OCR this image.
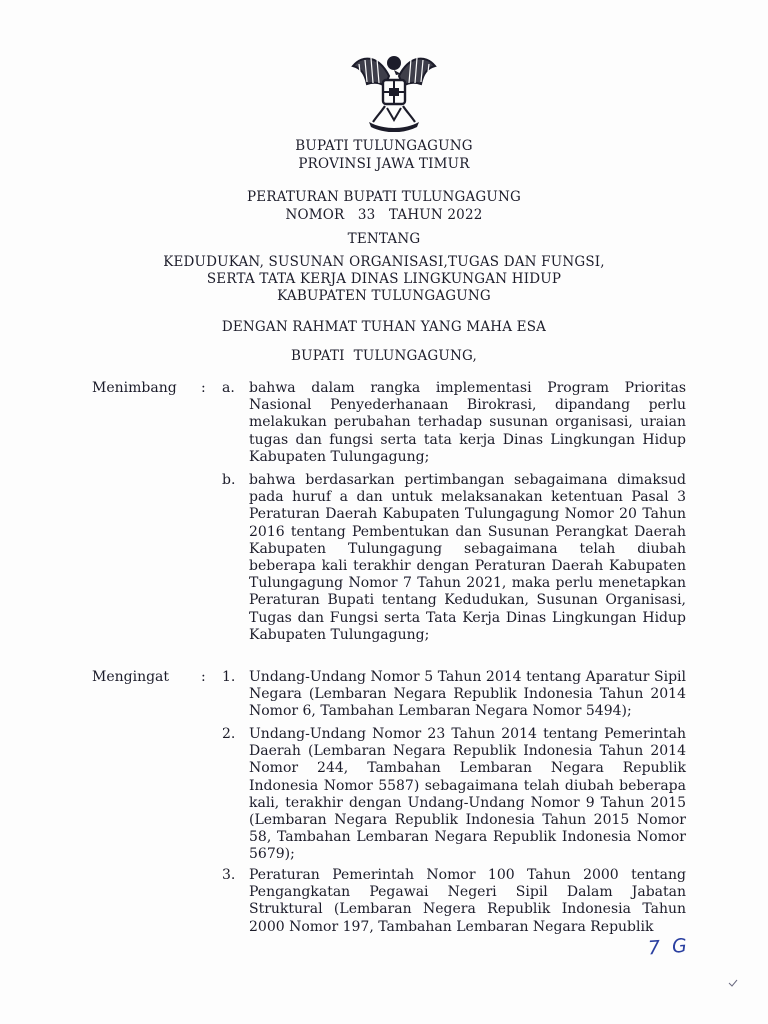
BUPATI TULUNGAGUNG
PROVINSI JAWA TIMUR
PERATURAN BUPATI TULUNGAGUNG
NOMOR   33   TAHUN 2022
TENTANG
KEDUDUKAN, SUSUNAN ORGANISASI,TUGAS DAN FUNGSI,
SERTA TATA KERJA DINAS LINGKUNGAN HIDUP
KABUPATEN TULUNGAGUNG
DENGAN RAHMAT TUHAN YANG MAHA ESA
BUPATI  TULUNGAGUNG,
Menimbang : a.	bahwa dalam rangka implementasi Program Prioritas Nasional Penyederhanaan Birokrasi, dipandang perlu melakukan perubahan terhadap susunan organisasi, uraian tugas dan fungsi serta tata kerja Dinas Lingkungan Hidup Kabupaten Tulungagung;

b. bahwa berdasarkan pertimbangan sebagaimana dimaksud pada huruf a dan untuk melaksanakan ketentuan Pasal 3 Peraturan Daerah Kabupaten Tulungagung Nomor 20 Tahun 2016 tentang Pembentukan dan Susunan Perangkat Daerah Kabupaten Tulungagung sebagaimana telah diubah beberapa kali terakhir dengan Peraturan Daerah Kabupaten Tulungagung Nomor 7 Tahun 2021, maka perlu menetapkan Peraturan Bupati tentang Kedudukan, Susunan Organisasi, Tugas dan Fungsi serta Tata Kerja Dinas Lingkungan Hidup Kabupaten Tulungagung;

Mengingat : 1. Undang-Undang Nomor 5 Tahun 2014 tentang Aparatur Sipil Negara (Lembaran Negara Republik Indonesia Tahun 2014 Nomor 6, Tambahan Lembaran Negara Nomor 5494);

2. Undang-Undang Nomor 23 Tahun 2014 tentang Pemerintah Daerah (Lembaran Negara Republik Indonesia Tahun 2014 Nomor 244, Tambahan Lembaran Negara Republik Indonesia Nomor 5587) sebagaimana telah diubah beberapa kali, terakhir dengan Undang-Undang Nomor 9 Tahun 2015 (Lembaran Negara Republik Indonesia Tahun 2015 Nomor 58, Tambahan Lembaran Negara Republik Indonesia Nomor 5679);

3. Peraturan Pemerintah Nomor 100 Tahun 2000 tentang Pengangkatan Pegawai Negeri Sipil Dalam Jabatan Struktural (Lembaran Negera Republik Indonesia Tahun 2000 Nomor 197, Tambahan Lembaran Negara Republik

7 G
